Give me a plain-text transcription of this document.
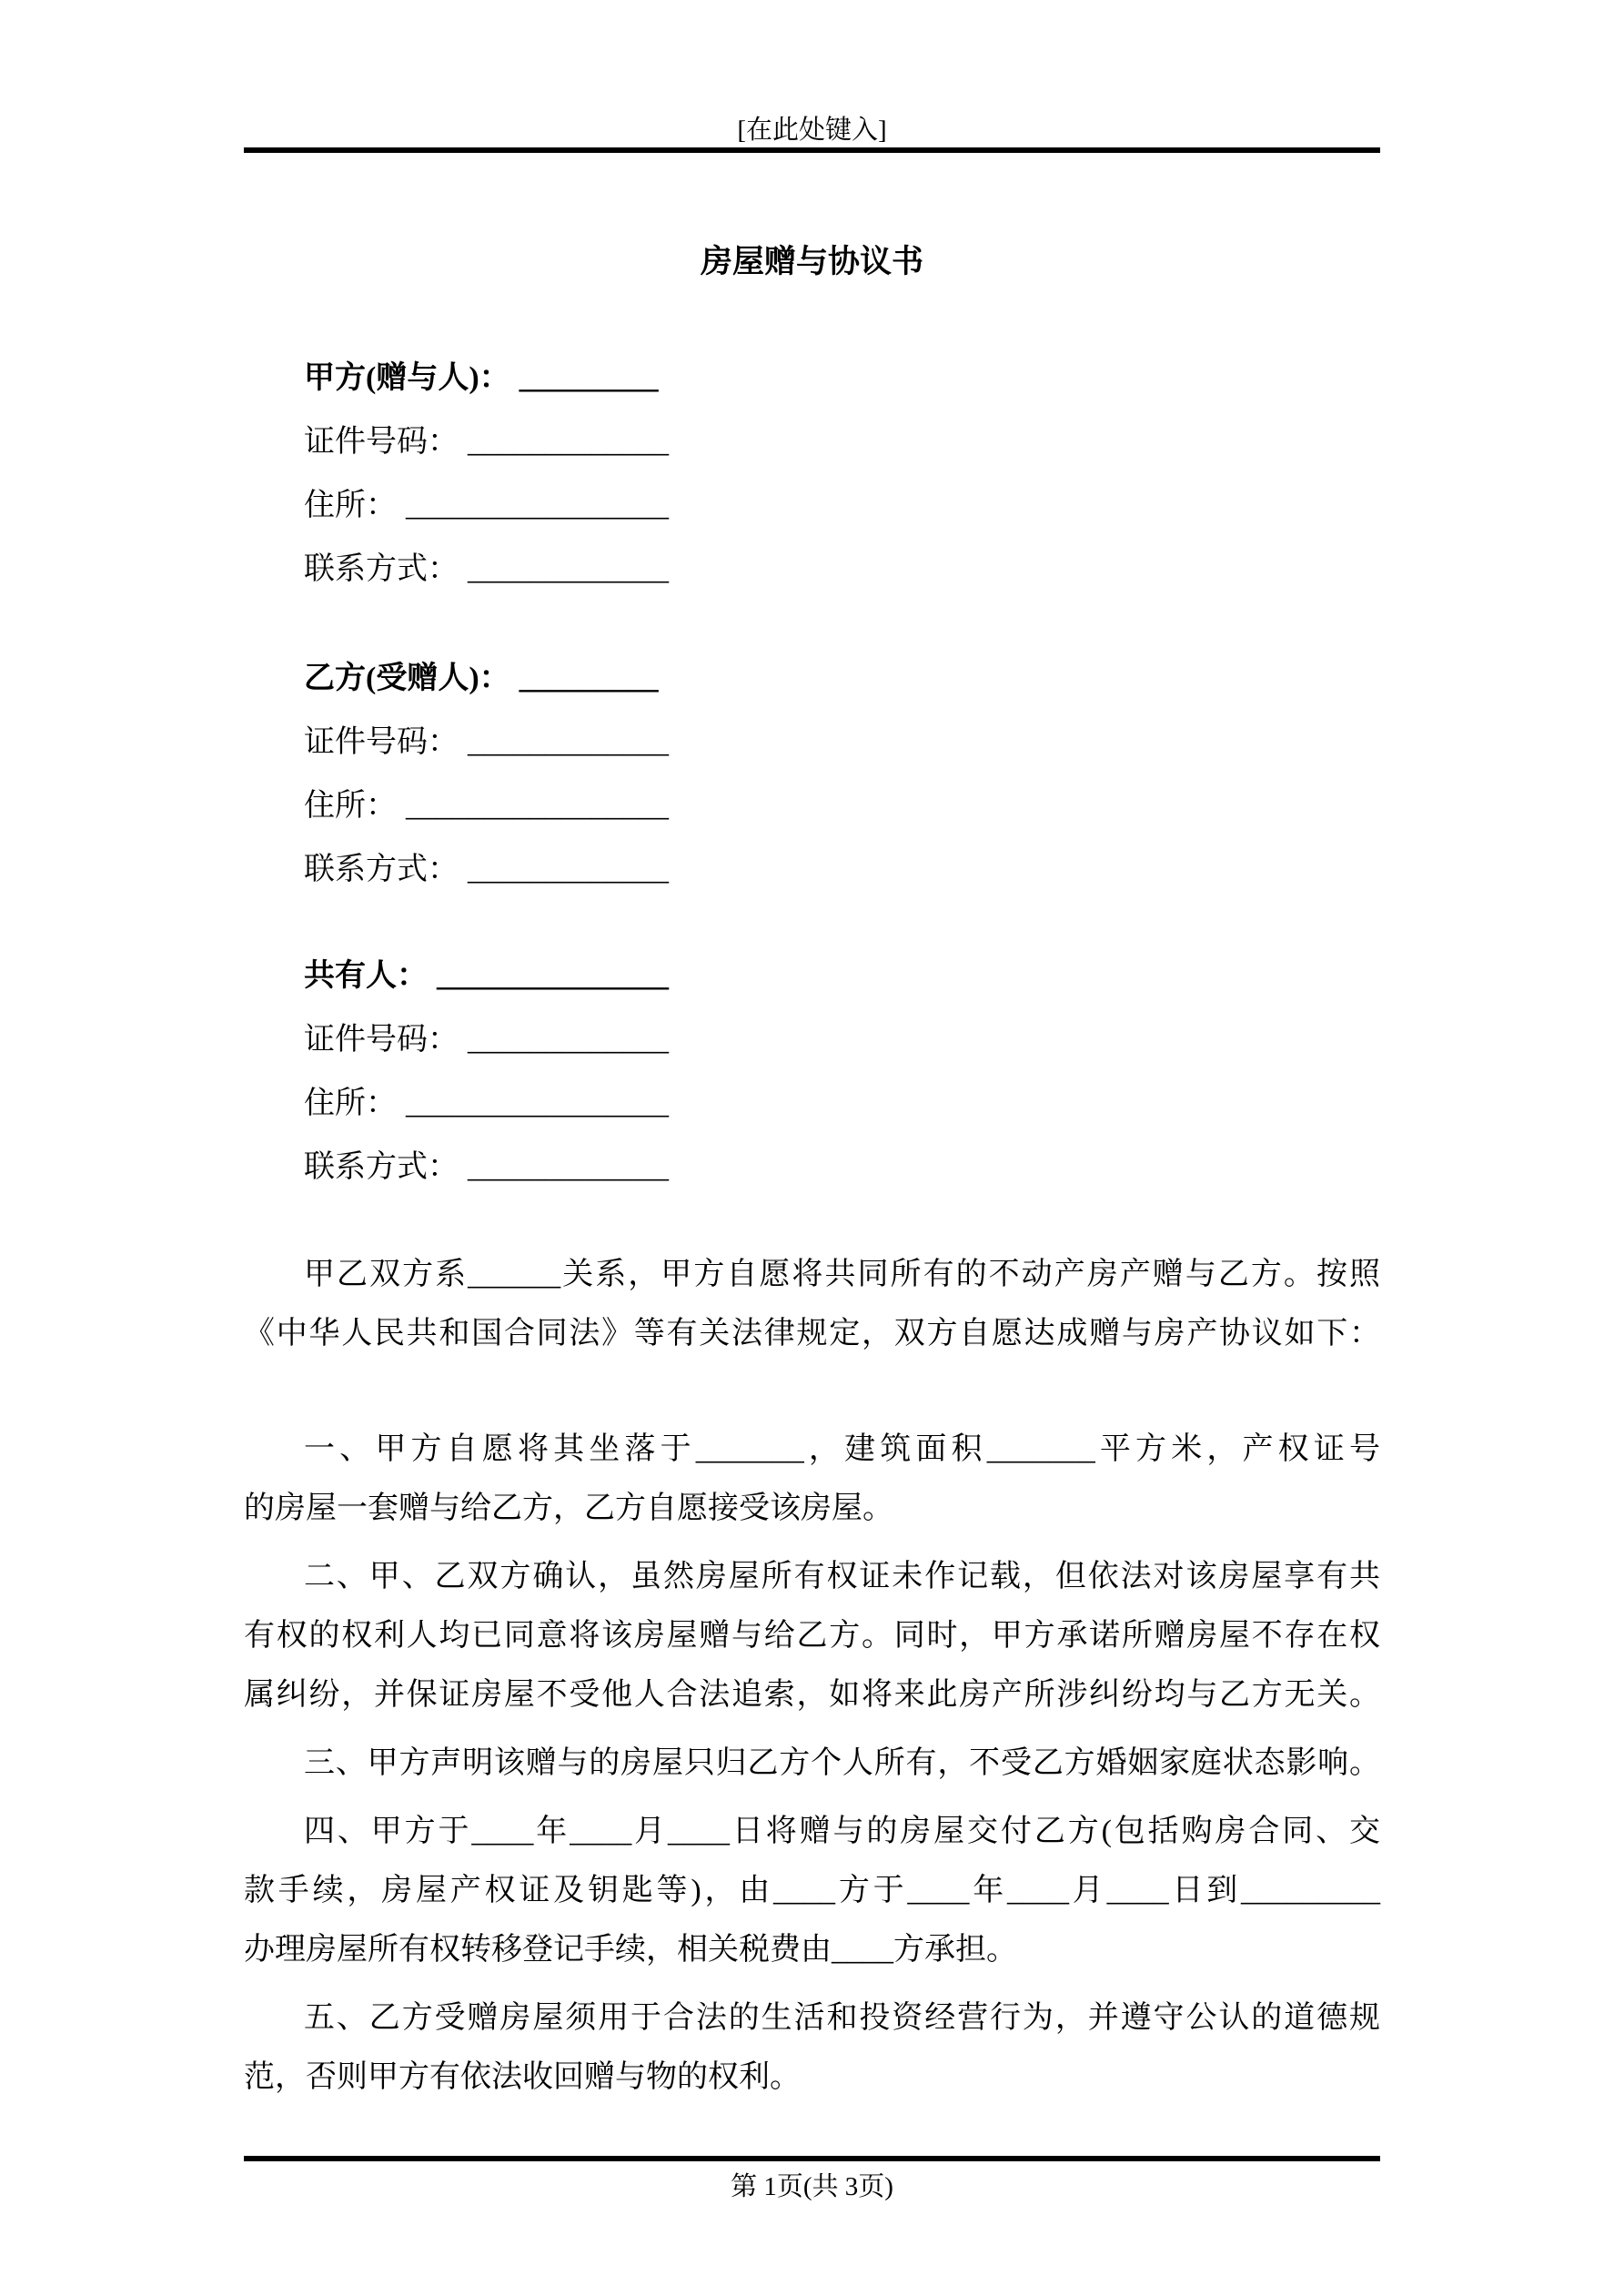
[在此处键入]
房屋赠与协议书
甲方(赠与人)： _________
证件号码： _____________
住所： _________________
联系方式： _____________
乙方(受赠人)： _________
证件号码： _____________
住所： _________________
联系方式： _____________
共有人： _______________
证件号码： _____________
住所： _________________
联系方式： _____________
甲乙双方系______关系，甲方自愿将共同所有的不动产房产赠与乙方。按照
《中华人民共和国合同法》等有关法律规定，双方自愿达成赠与房产协议如下：
一、甲方自愿将其坐落于_______，建筑面积_______平方米，产权证号
的房屋一套赠与给乙方，乙方自愿接受该房屋。
二、甲、乙双方确认，虽然房屋所有权证未作记载，但依法对该房屋享有共
有权的权利人均已同意将该房屋赠与给乙方。同时，甲方承诺所赠房屋不存在权
属纠纷，并保证房屋不受他人合法追索，如将来此房产所涉纠纷均与乙方无关。
三、甲方声明该赠与的房屋只归乙方个人所有，不受乙方婚姻家庭状态影响。
四、甲方于____年____月____日将赠与的房屋交付乙方(包括购房合同、交
款手续，房屋产权证及钥匙等)，由____方于____年____月____日到_________
办理房屋所有权转移登记手续，相关税费由____方承担。
五、乙方受赠房屋须用于合法的生活和投资经营行为，并遵守公认的道德规
范，否则甲方有依法收回赠与物的权利。
第 1页(共 3页)
